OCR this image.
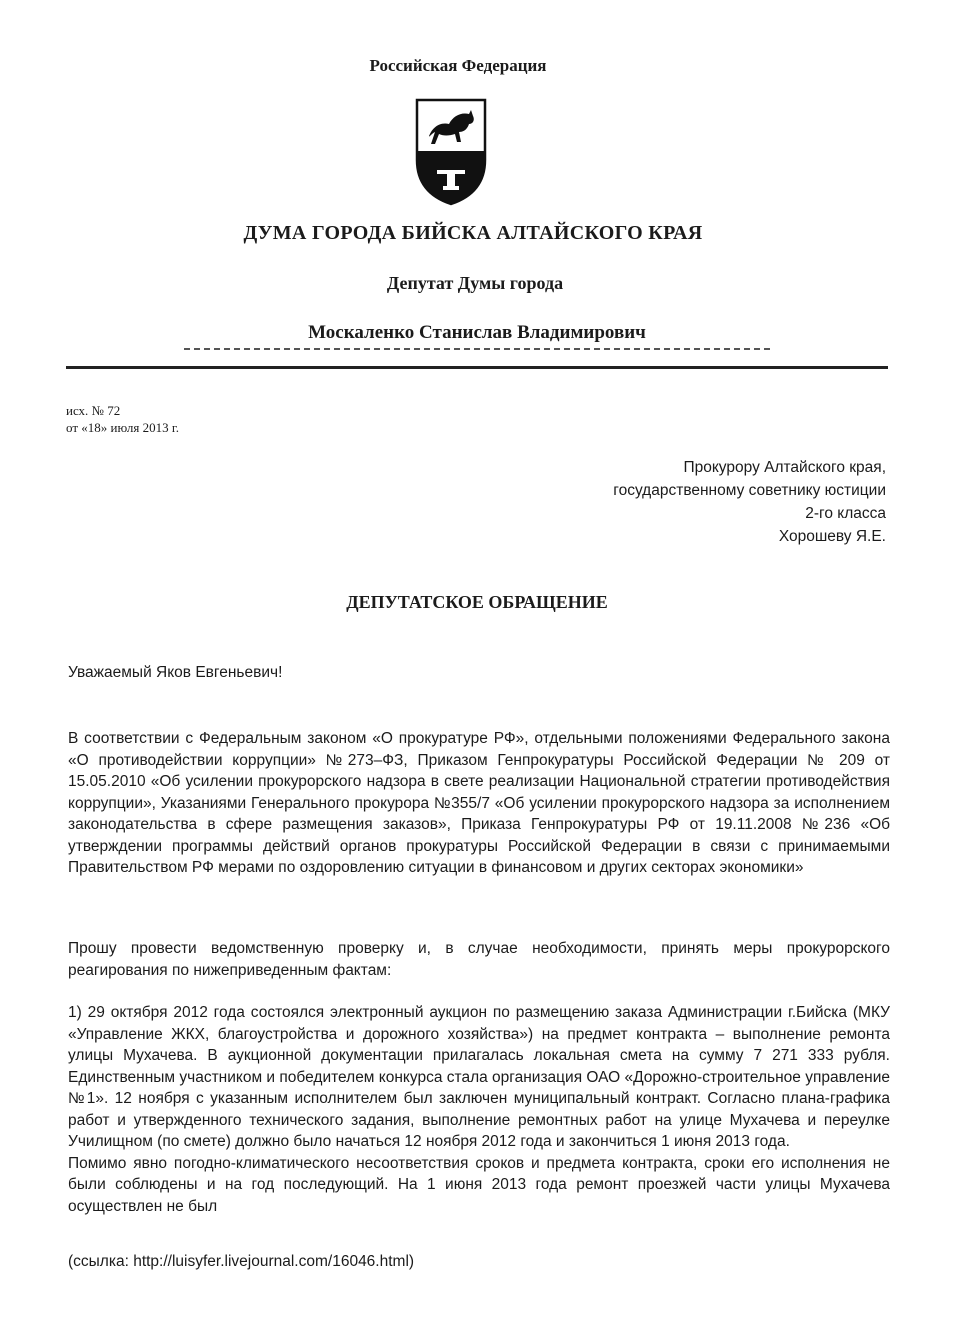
Российская Федерация
ДУМА ГОРОДА БИЙСКА АЛТАЙСКОГО КРАЯ
Депутат Думы города
Москаленко Станислав Владимирович
исх. № 72
от «18» июля 2013 г.
Прокурору Алтайского края,
государственному советнику юстиции
2-го класса
Хорошеву Я.Е.
ДЕПУТАТСКОЕ ОБРАЩЕНИЕ
Уважаемый Яков Евгеньевич!
В соответствии с Федеральным законом «О прокуратуре РФ», отдельными положениями Федерального закона «О противодействии коррупции» №273–ФЗ, Приказом Генпрокуратуры Российской Федерации № 209 от 15.05.2010 «Об усилении прокурорского надзора в свете реализации Национальной стратегии противодействия коррупции», Указаниями Генерального прокурора №355/7 «Об усилении прокурорского надзора за исполнением законодательства в сфере размещения заказов», Приказа Генпрокуратуры РФ от 19.11.2008 №236 «Об утверждении программы действий органов прокуратуры Российской Федерации в связи с принимаемыми Правительством РФ мерами по оздоровлению ситуации в финансовом и других секторах экономики»
Прошу провести ведомственную проверку и, в случае необходимости, принять меры прокурорского реагирования по нижеприведенным фактам:
1) 29 октября 2012 года состоялся электронный аукцион по размещению заказа Администрации г.Бийска (МКУ «Управление ЖКХ, благоустройства и дорожного хозяйства») на предмет контракта – выполнение ремонта улицы Мухачева. В аукционной документации прилагалась локальная смета на сумму 7 271 333 рубля. Единственным участником и победителем конкурса стала организация ОАО «Дорожно-строительное управление №1». 12 ноября с указанным исполнителем был заключен муниципальный контракт. Согласно плана-графика работ и утвержденного технического задания, выполнение ремонтных работ на улице Мухачева и переулке Училищном (по смете) должно было начаться 12 ноября 2012 года и закончиться 1 июня 2013 года.
Помимо явно погодно-климатического несоответствия сроков и предмета контракта, сроки его исполнения не были соблюдены и на год последующий. На 1 июня 2013 года ремонт проезжей части улицы Мухачева осуществлен не был
(ссылка: http://luisyfer.livejournal.com/16046.html)
